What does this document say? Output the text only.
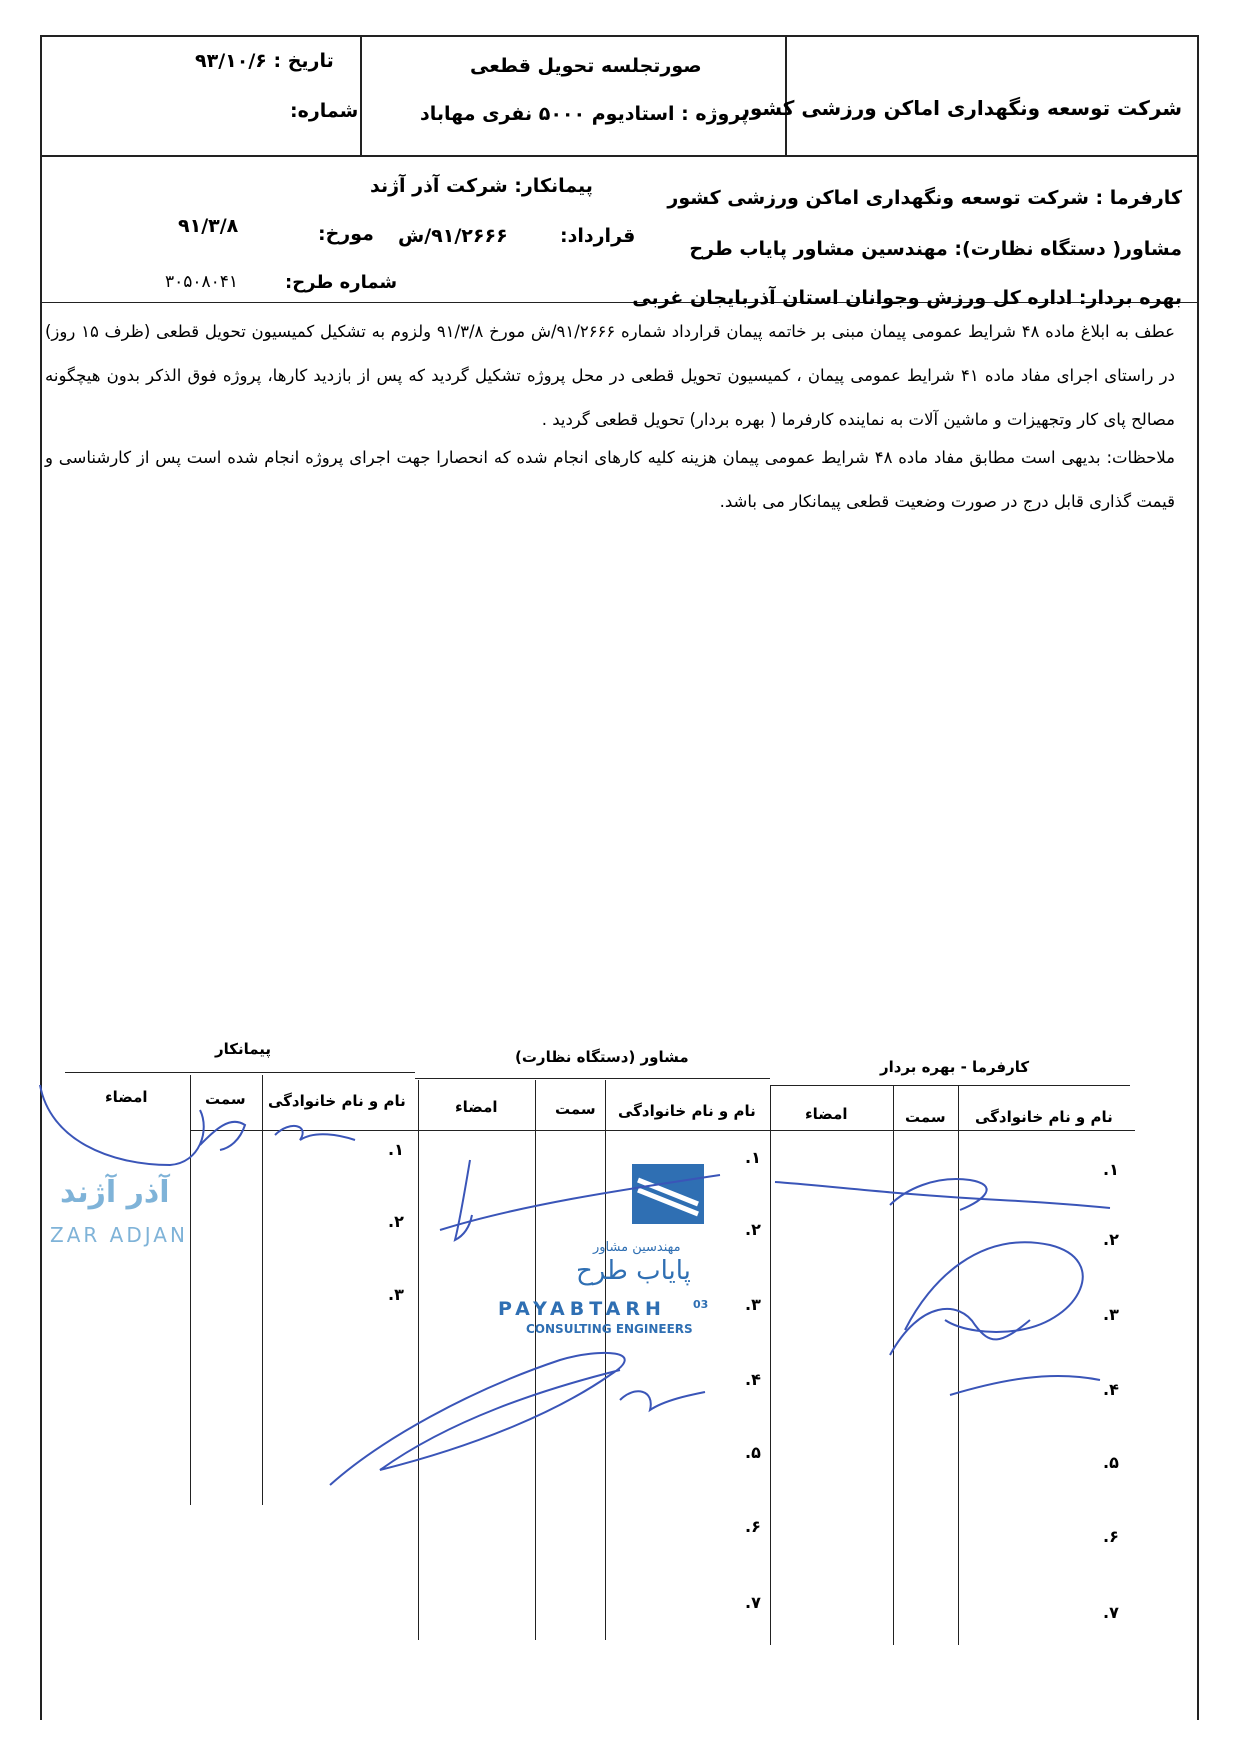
شرکت توسعه ونگهداری اماکن ورزشی کشور
صورتجلسه تحویل قطعی
پروژه : استادیوم ۵۰۰۰ نفری مهاباد
تاریخ : ۹۳/۱۰/۶
شماره:
کارفرما : شرکت توسعه ونگهداری اماکن ورزشی کشور
پیمانکار: شرکت آذر آژند
مشاور( دستگاه نظارت): مهندسین مشاور پایاب طرح
قرارداد:
۹۱/۲۶۶۶/ش
مورخ:
۹۱/۳/۸
بهره بردار: اداره کل ورزش وجوانان استان آذربایجان غربی
شماره طرح:
۳۰۵۰۸۰۴۱

عطف به ابلاغ ماده ۴۸ شرایط عمومی پیمان مبنی بر خاتمه پیمان قرارداد شماره ۹۱/۲۶۶۶/ش مورخ ۹۱/۳/۸ ولزوم به تشکیل کمیسیون تحویل قطعی (ظرف ۱۵ روز) در راستای اجرای مفاد ماده ۴۱ شرایط عمومی پیمان ، کمیسیون تحویل قطعی در محل پروژه تشکیل گردید که پس از بازدید کارها، پروژه فوق الذکر بدون هیچگونه مصالح پای کار وتجهیزات و ماشین آلات به نماینده کارفرما ( بهره بردار) تحویل قطعی گردید .

ملاحظات: بدیهی است مطابق مفاد ماده ۴۸ شرایط عمومی پیمان هزینه کلیه کارهای انجام شده که انحصارا جهت اجرای پروژه انجام شده است پس از کارشناسی و قیمت گذاری قابل درج در صورت وضعیت قطعی پیمانکار می باشد.

کارفرما - بهره بردار
مشاور (دستگاه نظارت)
پیمانکار
نام و نام خانوادگی
سمت
امضاء
نام و نام خانوادگی
سمت
امضاء
نام و نام خانوادگی
سمت
امضاء
۱.
۲.
۳.
۴.
۵.
۶.
۷.
۱.
۲.
۳.
۴.
۵.
۶.
۷.
۱.
۲.
۳.
مهندسین مشاور
پایاب طرح
PAYABTARH 03
CONSULTING ENGINEERS
آذر آژند
ZAR ADJAN
